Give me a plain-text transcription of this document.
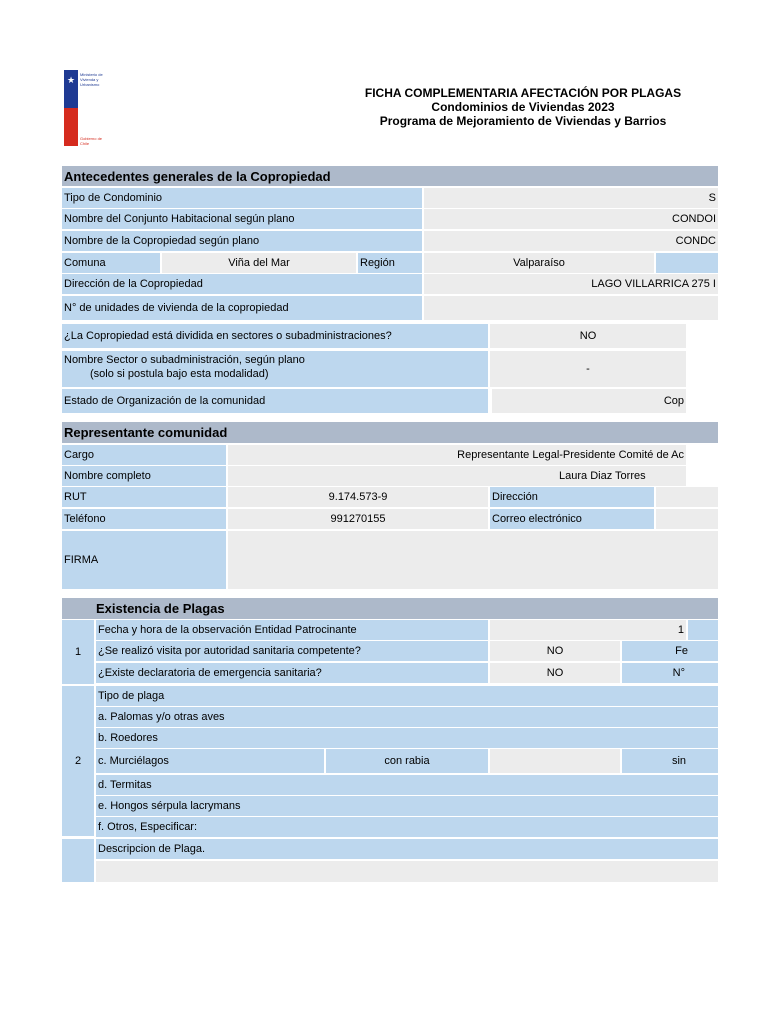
★
Ministerio de Vivienda y Urbanismo
Gobierno de Chile
FICHA COMPLEMENTARIA AFECTACIÓN POR PLAGAS
Condominios de Viviendas 2023
Programa de Mejoramiento de Viviendas y Barrios
Antecedentes generales de la Copropiedad
Tipo de Condominio	S
Nombre del Conjunto Habitacional según plano	CONDOI
Nombre de la Copropiedad según plano	CONDC
Comuna	Viña del Mar	Región	Valparaíso
Dirección de la Copropiedad	LAGO VILLARRICA 275 I
N° de unidades de vivienda de la copropiedad
¿La Copropiedad está dividida en sectores o subadministraciones?	NO
Nombre Sector o subadministración, según plano
(solo si postula bajo esta modalidad)	-
Estado de Organización de la comunidad	Cop
Representante comunidad
Cargo	Representante Legal-Presidente Comité de Ac
Nombre completo	Laura Diaz Torres
RUT	9.174.573-9	Dirección
Teléfono	991270155	Correo electrónico
FIRMA
Existencia de Plagas
1
Fecha y hora de la observación Entidad Patrocinante	1
¿Se realizó visita por autoridad sanitaria competente?	NO	Fe
¿Existe declaratoria de emergencia sanitaria?	NO	N°
2
Tipo de plaga
a. Palomas y/o otras aves
b. Roedores
c. Murciélagos	con rabia	sin
d. Termitas
e. Hongos sérpula lacrymans
f. Otros, Especificar:
Descripcion de Plaga.
